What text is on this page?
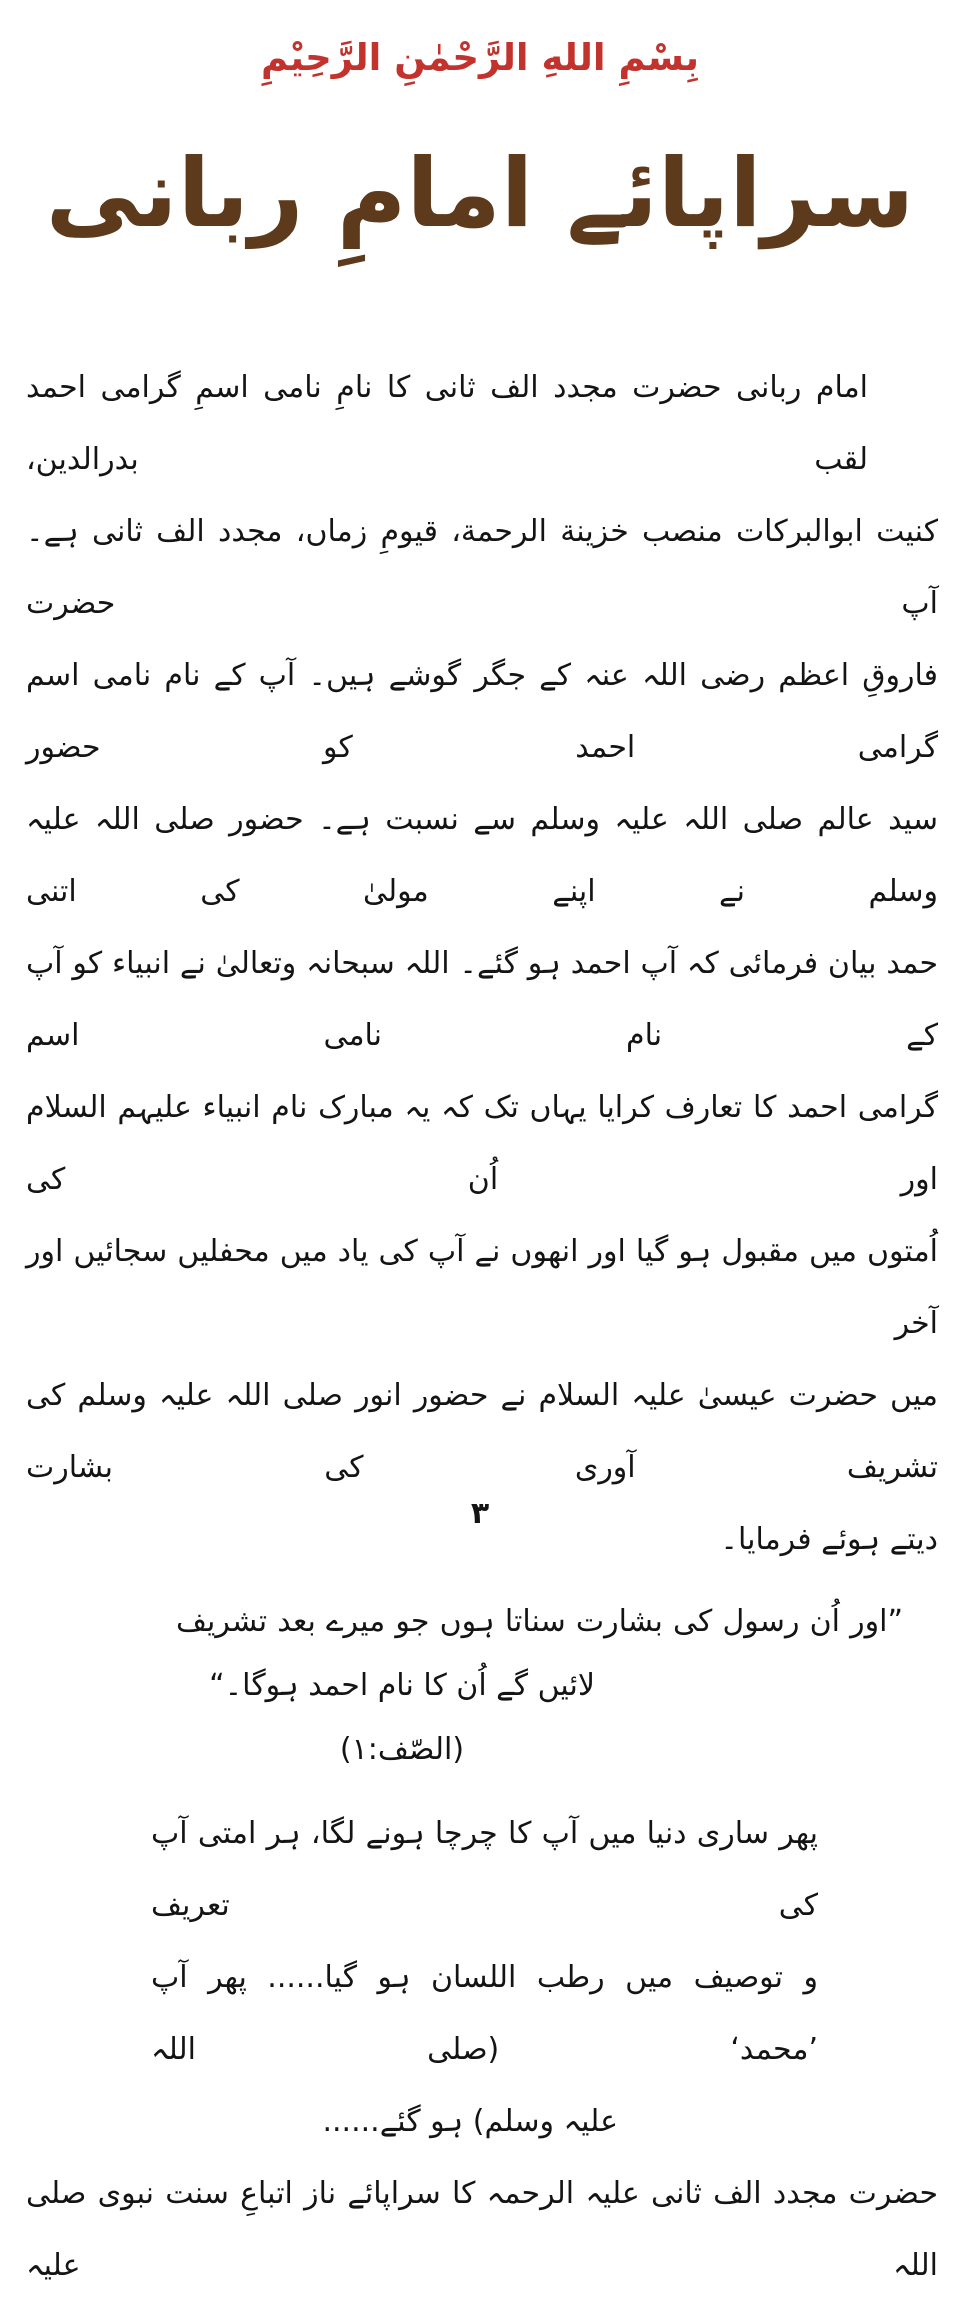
بِسْمِ اللهِ الرَّحْمٰنِ الرَّحِيْمِ
سراپائے امامِ ربانی
امام ربانی حضرت مجدد الف ثانی کا نامِ نامی اسمِ گرامی احمد لقب بدرالدین،
کنیت ابوالبرکات منصب خزینة الرحمة، قیومِ زماں، مجدد الف ثانی ہے۔ آپ حضرت
فاروقِ اعظم رضی اللہ عنہ کے جگر گوشے ہیں۔ آپ کے نام نامی اسم گرامی احمد کو حضور
سید عالم صلی اللہ علیہ وسلم سے نسبت ہے۔ حضور صلی اللہ علیہ وسلم نے اپنے مولیٰ کی اتنی
حمد بیان فرمائی کہ آپ احمد ہو گئے۔ اللہ سبحانہ وتعالیٰ نے انبیاء کو آپ کے نام نامی اسم
گرامی احمد کا تعارف کرایا یہاں تک کہ یہ مبارک نام انبیاء علیہم السلام اور اُن کی
اُمتوں میں مقبول ہو گیا اور انھوں نے آپ کی یاد میں محفلیں سجائیں اور آخر
میں حضرت عیسیٰ علیہ السلام نے حضور انور صلی اللہ علیہ وسلم کی تشریف آوری کی بشارت
دیتے ہوئے فرمایا۔
”اور اُن رسول کی بشارت سناتا ہوں جو میرے بعد تشریف
لائیں گے اُن کا نام احمد ہوگا۔“ (الصّف:١)
پھر ساری دنیا میں آپ کا چرچا ہونے لگا، ہر امتی آپ کی تعریف
و توصیف میں رطب اللسان ہو گیا...... پھر آپ ’محمد‘ (صلی اللہ
علیہ وسلم) ہو گئے......
حضرت مجدد الف ثانی علیہ الرحمہ کا سراپائے ناز اتباعِ سنت نبوی صلی اللہ علیہ
٣
